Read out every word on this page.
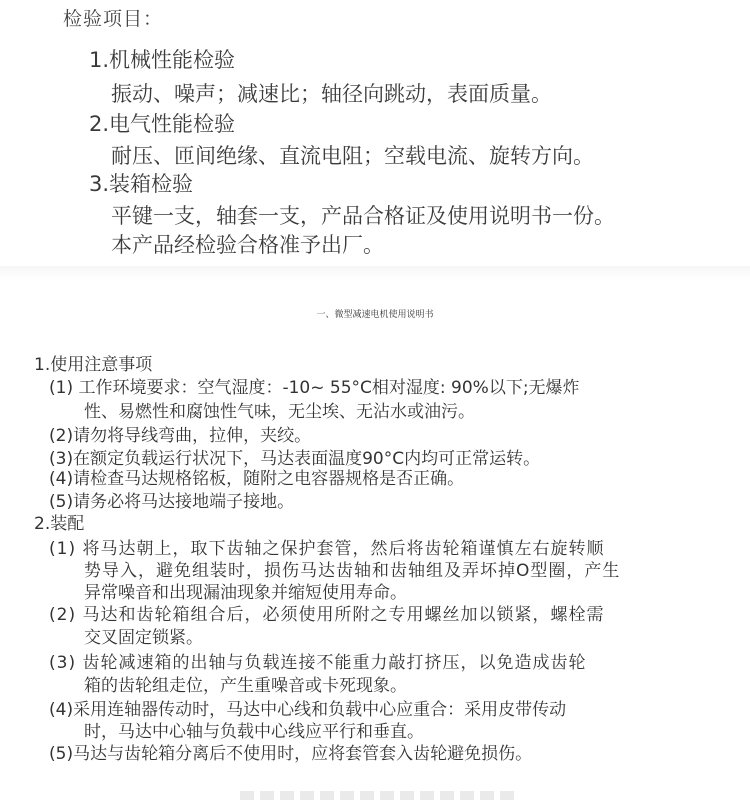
检验项目：

1.机械性能检验

振动、噪声；减速比；轴径向跳动，表面质量。

2.电气性能检验

耐压、匝间绝缘、直流电阻；空载电流、旋转方向。

3.装箱检验

平键一支，轴套一支，产品合格证及使用说明书一份。

本产品经检验合格准予出厂。

一、微型减速电机使用说明书

1.使用注意事项

(1) 工作环境要求：空气湿度：-10~ 55°C相对湿度: 90%以下;无爆炸

性、易燃性和腐蚀性气味，无尘埃、无沾水或油污。

(2)请勿将导线弯曲，拉伸，夹绞。

(3)在额定负载运行状况下，马达表面温度90°C内均可正常运转。

(4)请检查马达规格铭板，随附之电容器规格是否正确。

(5)请务必将马达接地端子接地。

2.装配

(1) 将马达朝上，取下齿轴之保护套管，然后将齿轮箱谨慎左右旋转顺

势导入，避免组装时，损伤马达齿轴和齿轴组及弄坏掉O型圈，产生

异常噪音和出现漏油现象并缩短使用寿命。

(2) 马达和齿轮箱组合后，必须使用所附之专用螺丝加以锁紧，螺栓需

交叉固定锁紧。

(3) 齿轮减速箱的出轴与负载连接不能重力敲打挤压，以免造成齿轮

箱的齿轮组走位，产生重噪音或卡死现象。

(4)采用连轴器传动时，马达中心线和负载中心应重合：采用皮带传动

时，马达中心轴与负载中心线应平行和垂直。

(5)马达与齿轮箱分离后不使用时，应将套管套入齿轮避免损伤。
